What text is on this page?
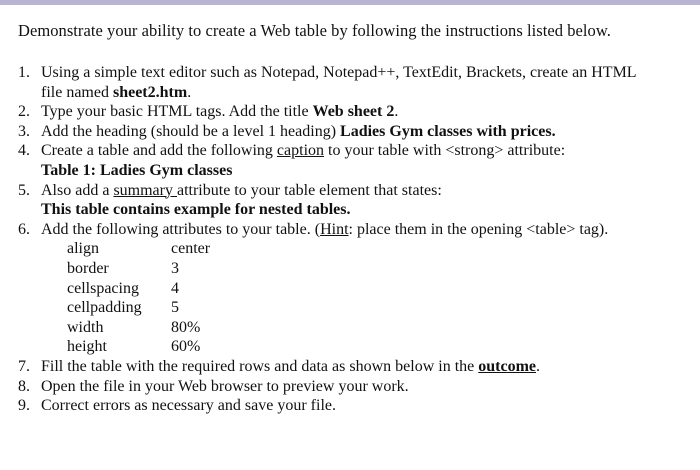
Demonstrate your ability to create a Web table by following the instructions listed below.
1. Using a simple text editor such as Notepad, Notepad++, TextEdit, Brackets, create an HTML
file named sheet2.htm.
2. Type your basic HTML tags. Add the title Web sheet 2.
3. Add the heading (should be a level 1 heading) Ladies Gym classes with prices.
4. Create a table and add the following caption to your table with <strong> attribute:
Table 1: Ladies Gym classes
5. Also add a summary attribute to your table element that states:
This table contains example for nested tables.
6. Add the following attributes to your table. (Hint: place them in the opening <table> tag).
align	center
border	3
cellspacing	4
cellpadding	5
width	80%
height	60%
7. Fill the table with the required rows and data as shown below in the outcome.
8. Open the file in your Web browser to preview your work.
9. Correct errors as necessary and save your file.
